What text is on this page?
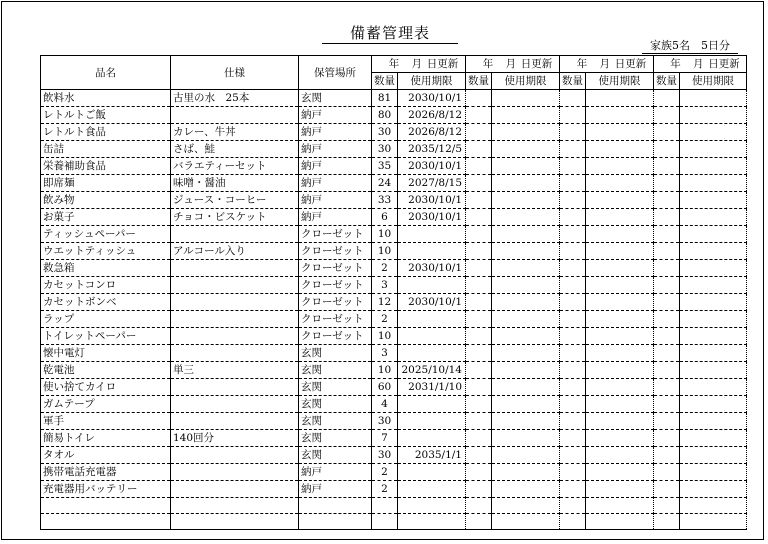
備蓄管理表
家族5名　5日分
品名	仕様	保管場所	年 月 日更新		年 月 日更新		年 月 日更新		年 月 日更新	
			数量	使用期限	数量	使用期限	数量	使用期限	数量	使用期限
飲料水	古里の水　25本	玄関	81	2030/10/1						
レトルトご飯		納戸	80	2026/8/12						
レトルト食品	カレー、牛丼	納戸	30	2026/8/12						
缶詰	さば、鮭	納戸	30	2035/12/5						
栄養補助食品	バラエティーセット	納戸	35	2030/10/1						
即席麺	味噌・醤油	納戸	24	2027/8/15						
飲み物	ジュース・コーヒー	納戸	33	2030/10/1						
お菓子	チョコ・ビスケット	納戸	6	2030/10/1						
ティッシュペーパー		クローゼット	10							
ウエットティッシュ	アルコール入り	クローゼット	10							
救急箱		クローゼット	2	2030/10/1						
カセットコンロ		クローゼット	3							
カセットボンベ		クローゼット	12	2030/10/1						
ラップ		クローゼット	2							
トイレットペーパー		クローゼット	10							
懐中電灯		玄関	3							
乾電池	単三	玄関	10	2025/10/14						
使い捨てカイロ		玄関	60	2031/1/10						
ガムテープ		玄関	4							
軍手		玄関	30							
簡易トイレ	140回分	玄関	7							
タオル		玄関	30	2035/1/1						
携帯電話充電器		納戸	2							
充電器用バッテリー		納戸	2							
